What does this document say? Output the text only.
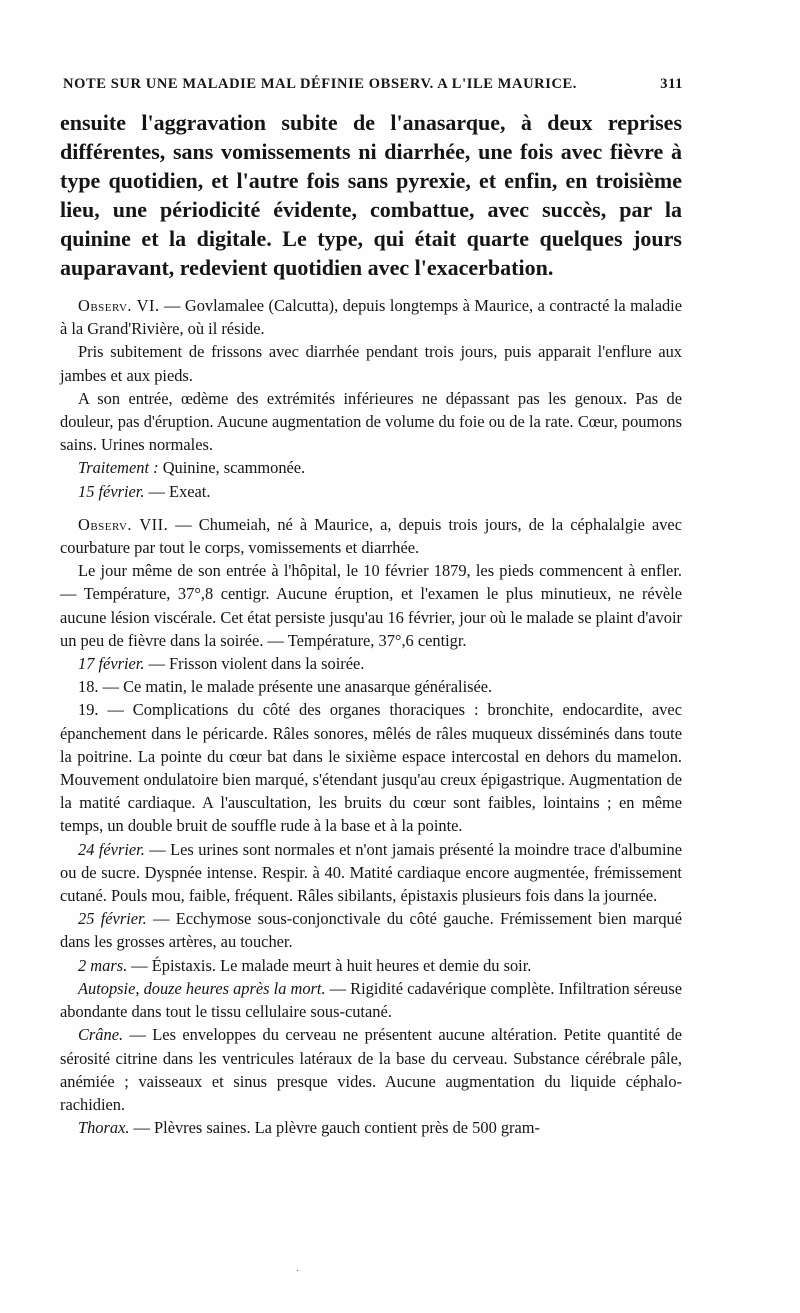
NOTE SUR UNE MALADIE MAL DÉFINIE OBSERV. A L'ILE MAURICE.	311

ensuite l'aggravation subite de l'anasarque, à deux reprises différentes, sans vomissements ni diarrhée, une fois avec fièvre à type quotidien, et l'autre fois sans pyrexie, et enfin, en troisième lieu, une périodicité évidente, combattue, avec succès, par la quinine et la digitale. Le type, qui était quarte quelques jours auparavant, redevient quotidien avec l'exacerbation.

Observ. VI. — Govlamalee (Calcutta), depuis longtemps à Maurice, a contracté la maladie à la Grand'Rivière, où il réside.

Pris subitement de frissons avec diarrhée pendant trois jours, puis apparait l'enflure aux jambes et aux pieds.

A son entrée, œdème des extrémités inférieures ne dépassant pas les genoux. Pas de douleur, pas d'éruption. Aucune augmentation de volume du foie ou de la rate. Cœur, poumons sains. Urines normales.

Traitement : Quinine, scammonée.

15 février. — Exeat.

Observ. VII. — Chumeiah, né à Maurice, a, depuis trois jours, de la céphalalgie avec courbature par tout le corps, vomissements et diarrhée.

Le jour même de son entrée à l'hôpital, le 10 février 1879, les pieds commencent à enfler. — Température, 37°,8 centigr. Aucune éruption, et l'examen le plus minutieux, ne révèle aucune lésion viscérale. Cet état persiste jusqu'au 16 février, jour où le malade se plaint d'avoir un peu de fièvre dans la soirée. — Température, 37°,6 centigr.

17 février. — Frisson violent dans la soirée.

18. — Ce matin, le malade présente une anasarque généralisée.

19. — Complications du côté des organes thoraciques : bronchite, endocardite, avec épanchement dans le péricarde. Râles sonores, mêlés de râles muqueux disséminés dans toute la poitrine. La pointe du cœur bat dans le sixième espace intercostal en dehors du mamelon. Mouvement ondulatoire bien marqué, s'étendant jusqu'au creux épigastrique. Augmentation de la matité cardiaque. A l'auscultation, les bruits du cœur sont faibles, lointains ; en même temps, un double bruit de souffle rude à la base et à la pointe.

24 février. — Les urines sont normales et n'ont jamais présenté la moindre trace d'albumine ou de sucre. Dyspnée intense. Respir. à 40. Matité cardiaque encore augmentée, frémissement cutané. Pouls mou, faible, fréquent. Râles sibilants, épistaxis plusieurs fois dans la journée.

25 février. — Ecchymose sous-conjonctivale du côté gauche. Frémissement bien marqué dans les grosses artères, au toucher.

2 mars. — Épistaxis. Le malade meurt à huit heures et demie du soir.

Autopsie, douze heures après la mort. — Rigidité cadavérique complète. Infiltration séreuse abondante dans tout le tissu cellulaire sous-cutané.

Crâne. — Les enveloppes du cerveau ne présentent aucune altération. Petite quantité de sérosité citrine dans les ventricules latéraux de la base du cerveau. Substance cérébrale pâle, anémiée ; vaisseaux et sinus presque vides. Aucune augmentation du liquide céphalo-rachidien.

Thorax. — Plèvres saines. La plèvre gauch contient près de 500 gram-

·
